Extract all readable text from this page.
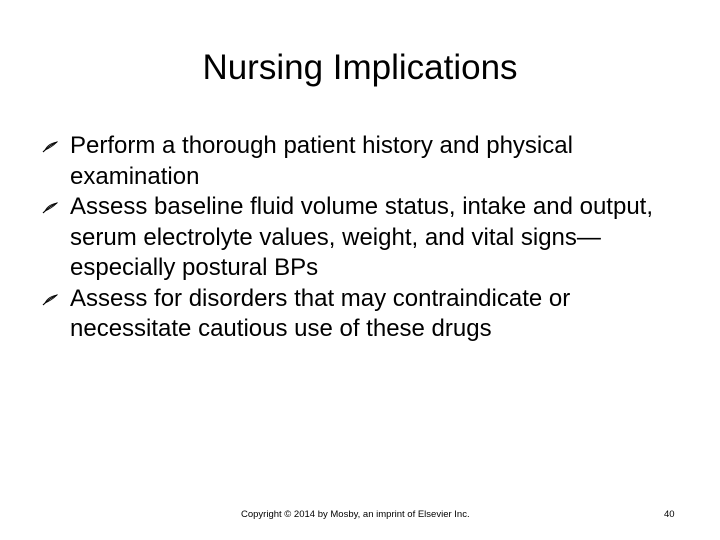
Nursing Implications
Perform a thorough patient history and physical examination
Assess baseline fluid volume status, intake and output, serum electrolyte values, weight, and vital signs—especially postural BPs
Assess for disorders that may contraindicate or necessitate cautious use of these drugs
Copyright © 2014 by Mosby, an imprint of Elsevier Inc.	40
